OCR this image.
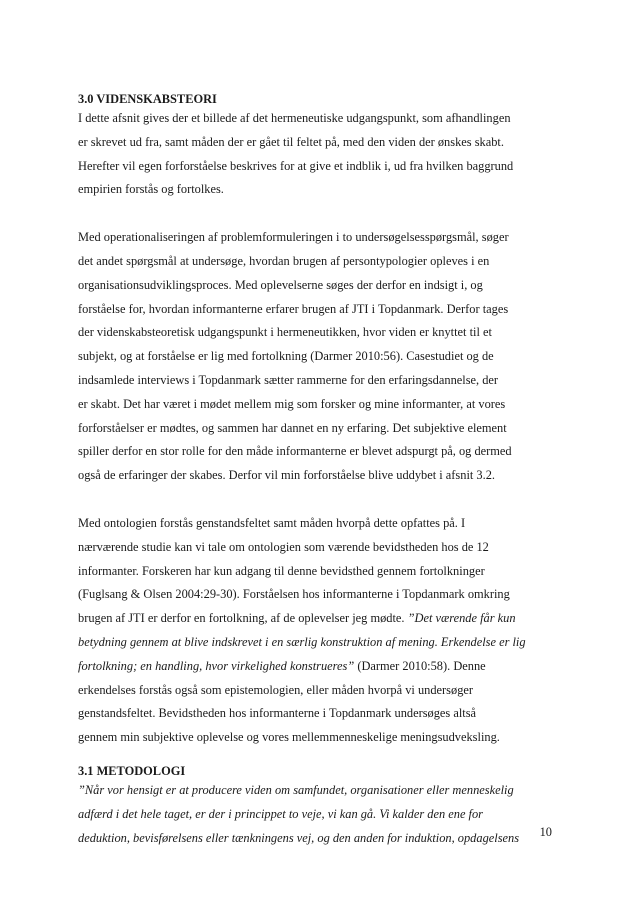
3.0 VIDENSKABSTEORI

I dette afsnit gives der et billede af det hermeneutiske udgangspunkt, som afhandlingen
er skrevet ud fra, samt måden der er gået til feltet på, med den viden der ønskes skabt.
Herefter vil egen forforståelse beskrives for at give et indblik i, ud fra hvilken baggrund
empirien forstås og fortolkes.

Med operationaliseringen af problemformuleringen i to undersøgelsesspørgsmål, søger
det andet spørgsmål at undersøge, hvordan brugen af persontypologier opleves i en
organisationsudviklingsproces. Med oplevelserne søges der derfor en indsigt i, og
forståelse for, hvordan informanterne erfarer brugen af JTI i Topdanmark. Derfor tages
der videnskabsteoretisk udgangspunkt i hermeneutikken, hvor viden er knyttet til et
subjekt, og at forståelse er lig med fortolkning (Darmer 2010:56). Casestudiet og de
indsamlede interviews i Topdanmark sætter rammerne for den erfaringsdannelse, der
er skabt. Det har været i mødet mellem mig som forsker og mine informanter, at vores
forforståelser er mødtes, og sammen har dannet en ny erfaring. Det subjektive element
spiller derfor en stor rolle for den måde informanterne er blevet adspurgt på, og dermed
også de erfaringer der skabes. Derfor vil min forforståelse blive uddybet i afsnit 3.2.

Med ontologien forstås genstandsfeltet samt måden hvorpå dette opfattes på. I
nærværende studie kan vi tale om ontologien som værende bevidstheden hos de 12
informanter. Forskeren har kun adgang til denne bevidsthed gennem fortolkninger
(Fuglsang & Olsen 2004:29-30). Forståelsen hos informanterne i Topdanmark omkring
brugen af JTI er derfor en fortolkning, af de oplevelser jeg mødte. ”Det værende får kun
betydning gennem at blive indskrevet i en særlig konstruktion af mening. Erkendelse er lig
fortolkning; en handling, hvor virkelighed konstrueres” (Darmer 2010:58). Denne
erkendelses forstås også som epistemologien, eller måden hvorpå vi undersøger
genstandsfeltet. Bevidstheden hos informanterne i Topdanmark undersøges altså
gennem min subjektive oplevelse og vores mellemmenneskelige meningsudveksling.

3.1 METODOLOGI

”Når vor hensigt er at producere viden om samfundet, organisationer eller menneskelig
adfærd i det hele taget, er der i princippet to veje, vi kan gå. Vi kalder den ene for
deduktion, bevisførelsens eller tænkningens vej, og den anden for induktion, opdagelsens	10
